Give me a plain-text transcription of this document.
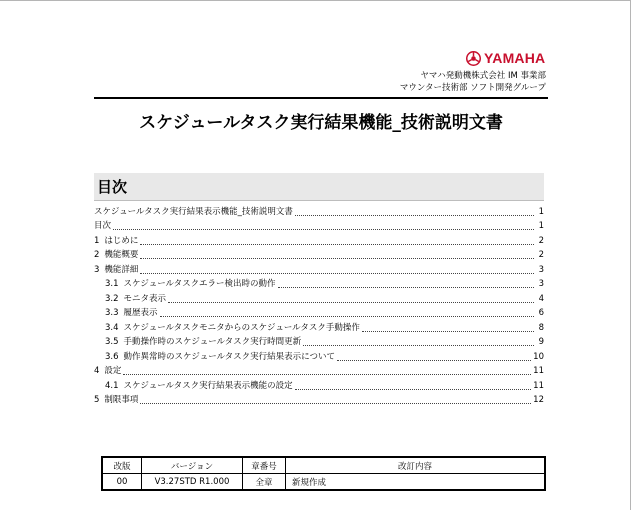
YAMAHA
ヤマハ発動機株式会社 IM 事業部
マウンター技術部 ソフト開発グループ
スケジュールタスク実行結果機能_技術説明文書
目次
スケジュールタスク実行結果表示機能_技術説明文書	1
目次	1
1 はじめに	2
2 機能概要	2
3 機能詳細	3
3.1 スケジュールタスクエラー検出時の動作	3
3.2 モニタ表示	4
3.3 履歴表示	6
3.4 スケジュールタスクモニタからのスケジュールタスク手動操作	8
3.5 手動操作時のスケジュールタスク実行時間更新	9
3.6 動作異常時のスケジュールタスク実行結果表示について	10
4 設定	11
4.1 スケジュールタスク実行結果表示機能の設定	11
5 制限事項	12
改版	バージョン	章番号	改訂内容
00	V3.27STD R1.000	全章	新規作成
